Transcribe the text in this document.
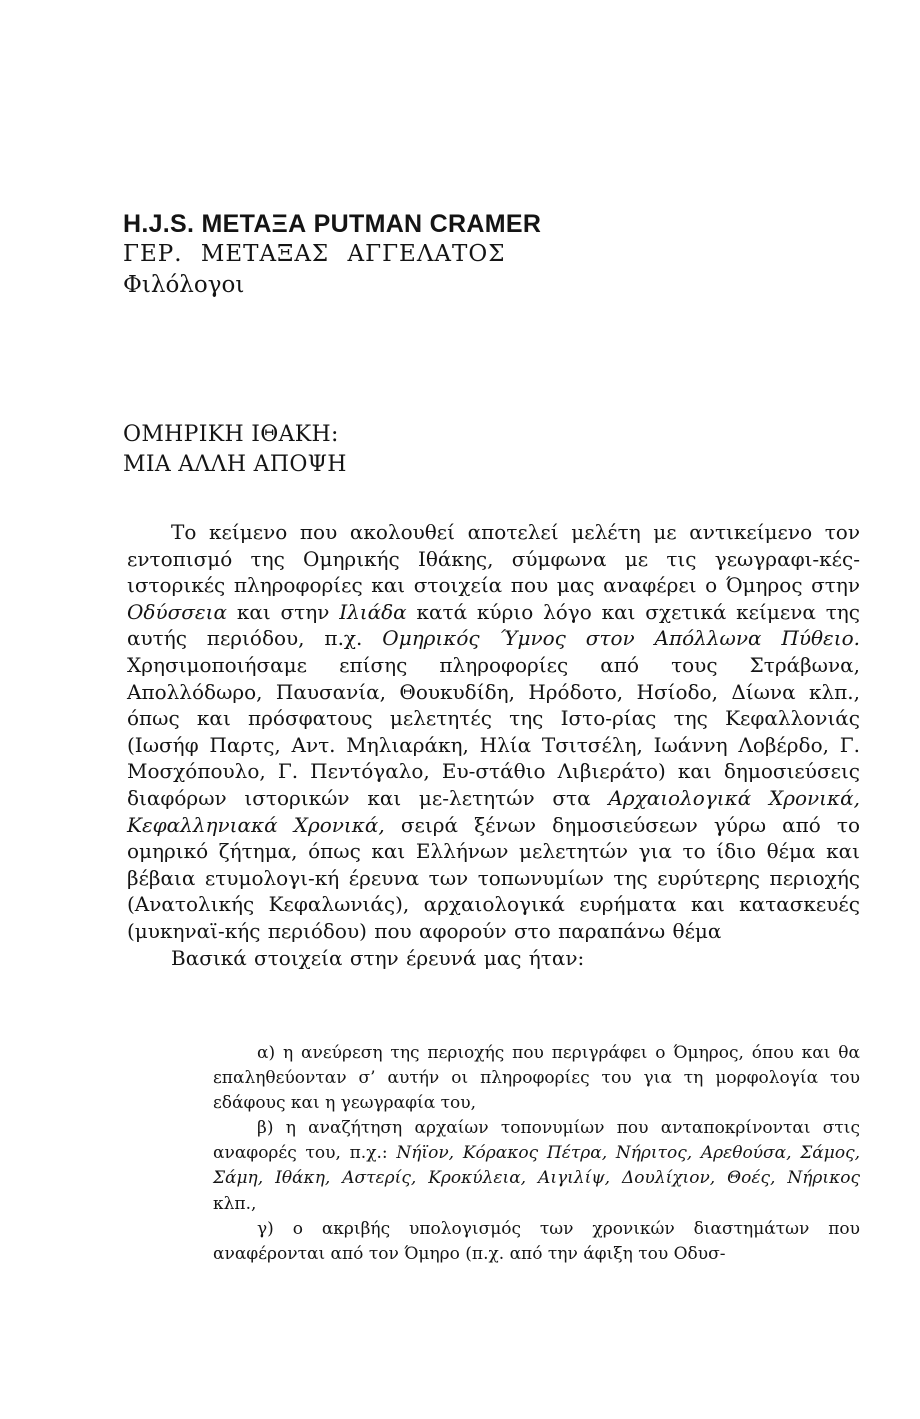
H.J.S. ΜΕΤΑΞΑ PUTMAN CRAMER
ΓΕΡ. ΜΕΤΑΞΑΣ ΑΓΓΕΛΑΤΟΣ
Φιλόλογοι
ΟΜΗΡΙΚΗ ΙΘΑΚΗ:
ΜΙΑ ΑΛΛΗ ΑΠΟΨΗ

Το κείμενο που ακολουθεί αποτελεί μελέτη με αντικείμενο τον εντοπισμό της Ομηρικής Ιθάκης, σύμφωνα με τις γεωγραφι-κές-ιστορικές πληροφορίες και στοιχεία που μας αναφέρει ο Όμηρος στην Οδύσσεια και στην Ιλιάδα κατά κύριο λόγο και σχετικά κείμενα της αυτής περιόδου, π.χ. Ομηρικός Ύμνος στον Απόλλωνα Πύθειο. Χρησιμοποιήσαμε επίσης πληροφορίες από τους Στράβωνα, Απολλόδωρο, Παυσανία, Θουκυδίδη, Ηρόδοτο, Ησίοδο, Δίωνα κλπ., όπως και πρόσφατους μελετητές της Ιστο-ρίας της Κεφαλλονιάς (Ιωσήφ Παρτς, Αντ. Μηλιαράκη, Ηλία Τσιτσέλη, Ιωάννη Λοβέρδο, Γ. Μοσχόπουλο, Γ. Πεντόγαλο, Ευ-στάθιο Λιβιεράτο) και δημοσιεύσεις διαφόρων ιστορικών και με-λετητών στα Αρχαιολογικά Χρονικά, Κεφαλληνιακά Χρονικά, σειρά ξένων δημοσιεύσεων γύρω από το ομηρικό ζήτημα, όπως και Ελλήνων μελετητών για το ίδιο θέμα και βέβαια ετυμολογι-κή έρευνα των τοπωνυμίων της ευρύτερης περιοχής (Ανατολικής Κεφαλωνιάς), αρχαιολογικά ευρήματα και κατασκευές (μυκηναϊ-κής περιόδου) που αφορούν στο παραπάνω θέμα

Βασικά στοιχεία στην έρευνά μας ήταν:

α) η ανεύρεση της περιοχής που περιγράφει ο Όμηρος, όπου και θα επαληθεύονταν σ’ αυτήν οι πληροφορίες του για τη μορφολογία του εδάφους και η γεωγραφία του,

β) η αναζήτηση αρχαίων τοπονυμίων που ανταποκρίνονται στις αναφορές του, π.χ.: Νήϊον, Κόρακος Πέτρα, Νήριτος, Αρεθούσα, Σάμος, Σάμη, Ιθάκη, Αστερίς, Κροκύλεια, Αιγιλίψ, Δουλίχιον, Θοές, Νήρικος κλπ.,

γ) ο ακριβής υπολογισμός των χρονικών διαστημάτων που αναφέρονται από τον Όμηρο (π.χ. από την άφιξη του Οδυσ-
